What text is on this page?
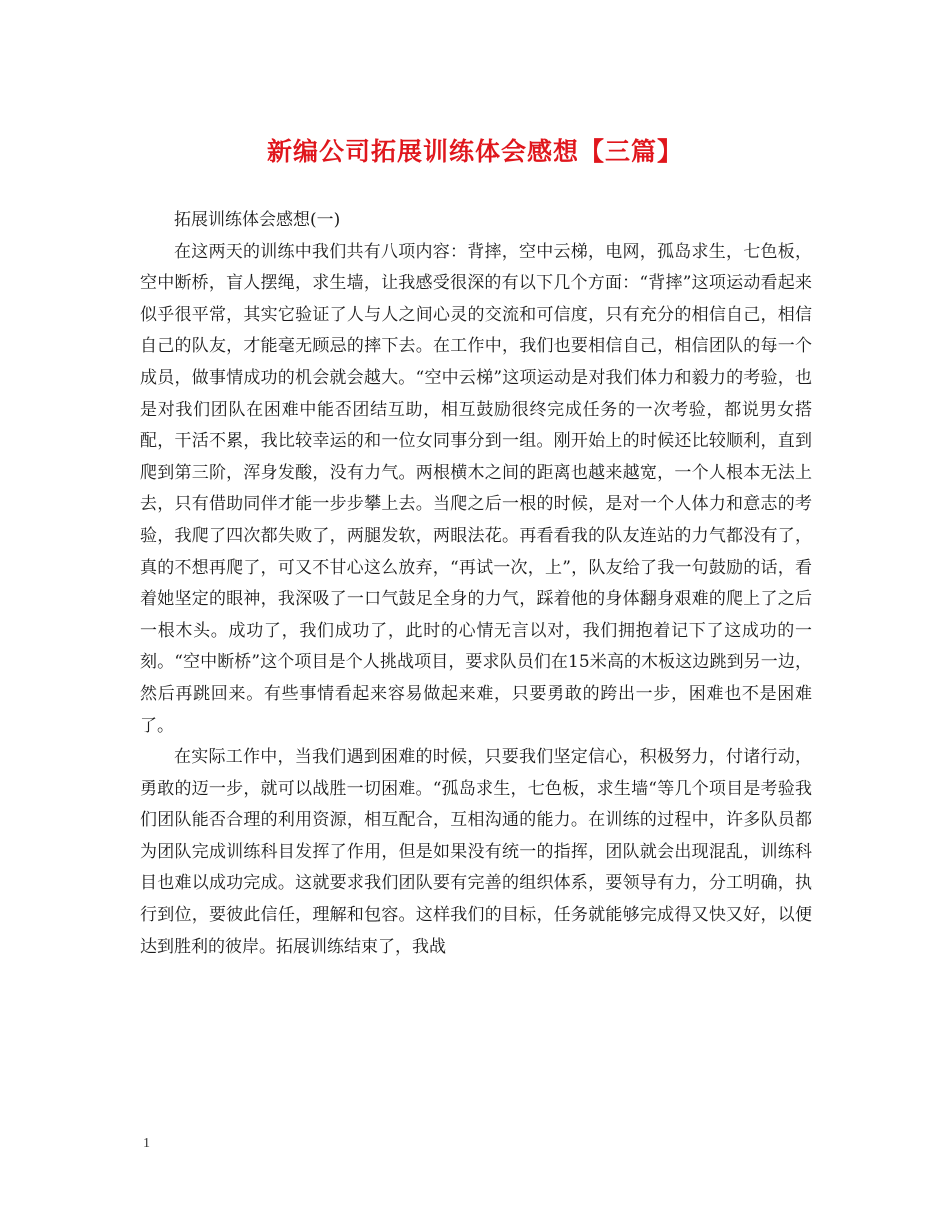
新编公司拓展训练体会感想【三篇】

拓展训练体会感想(一)

在这两天的训练中我们共有八项内容：背摔，空中云梯，电网，孤岛求生，七色板，空中断桥，盲人摆绳，求生墙，让我感受很深的有以下几个方面：“背摔”这项运动看起来似乎很平常，其实它验证了人与人之间心灵的交流和可信度，只有充分的相信自己，相信自己的队友，才能毫无顾忌的摔下去。在工作中，我们也要相信自己，相信团队的每一个成员，做事情成功的机会就会越大。“空中云梯”这项运动是对我们体力和毅力的考验，也是对我们团队在困难中能否团结互助，相互鼓励很终完成任务的一次考验，都说男女搭配，干活不累，我比较幸运的和一位女同事分到一组。刚开始上的时候还比较顺利，直到爬到第三阶，浑身发酸，没有力气。两根横木之间的距离也越来越宽，一个人根本无法上去，只有借助同伴才能一步步攀上去。当爬之后一根的时候，是对一个人体力和意志的考验，我爬了四次都失败了，两腿发软，两眼法花。再看看我的队友连站的力气都没有了，真的不想再爬了，可又不甘心这么放弃，“再试一次，上”，队友给了我一句鼓励的话，看着她坚定的眼神，我深吸了一口气鼓足全身的力气，踩着他的身体翻身艰难的爬上了之后一根木头。成功了，我们成功了，此时的心情无言以对，我们拥抱着记下了这成功的一刻。“空中断桥”这个项目是个人挑战项目，要求队员们在15米高的木板这边跳到另一边，然后再跳回来。有些事情看起来容易做起来难，只要勇敢的跨出一步，困难也不是困难了。

在实际工作中，当我们遇到困难的时候，只要我们坚定信心，积极努力，付诸行动，勇敢的迈一步，就可以战胜一切困难。“孤岛求生，七色板，求生墙“等几个项目是考验我们团队能否合理的利用资源，相互配合，互相沟通的能力。在训练的过程中，许多队员都为团队完成训练科目发挥了作用，但是如果没有统一的指挥，团队就会出现混乱，训练科目也难以成功完成。这就要求我们团队要有完善的组织体系，要领导有力，分工明确，执行到位，要彼此信任，理解和包容。这样我们的目标，任务就能够完成得又快又好，以便达到胜利的彼岸。拓展训练结束了，我战

1
